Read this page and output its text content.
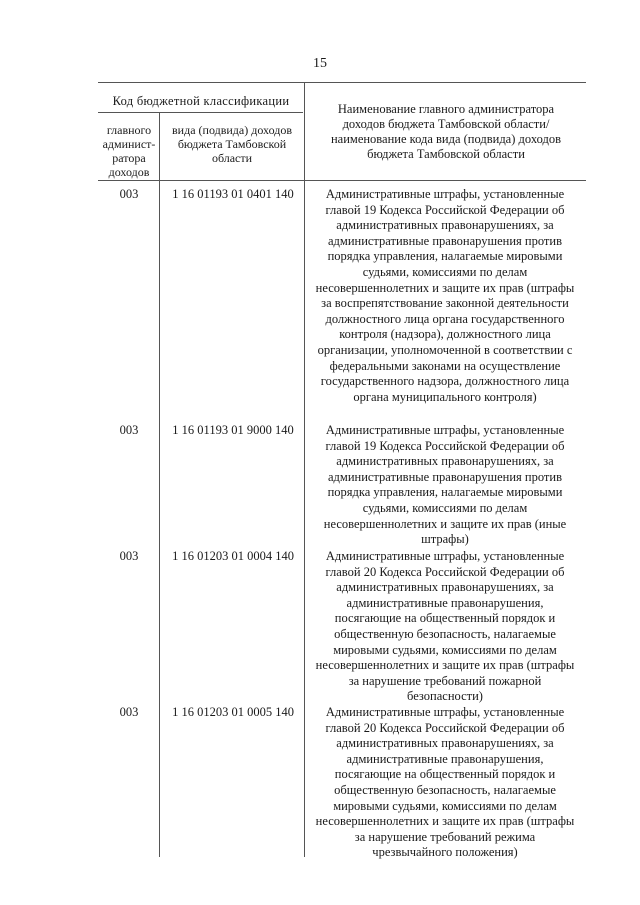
15
Код бюджетной классификации
главного админист-ратора доходов
вида (подвида) доходов бюджета Тамбовской области
Наименование главного администратора доходов бюджета Тамбовской области/наименование кода вида (подвида) доходов бюджета Тамбовской области
003	1 16 01193 01 0401 140	Административные штрафы, установленные главой 19 Кодекса Российской Федерации об административных правонарушениях, за административные правонарушения против порядка управления, налагаемые мировыми судьями, комиссиями по делам несовершеннолетних и защите их прав (штрафы за воспрепятствование законной деятельности должностного лица органа государственного контроля (надзора), должностного лица организации, уполномоченной в соответствии с федеральными законами на осуществление государственного надзора, должностного лица органа муниципального контроля)
003	1 16 01193 01 9000 140	Административные штрафы, установленные главой 19 Кодекса Российской Федерации об административных правонарушениях, за административные правонарушения против порядка управления, налагаемые мировыми судьями, комиссиями по делам несовершеннолетних и защите их прав (иные штрафы)
003	1 16 01203 01 0004 140	Административные штрафы, установленные главой 20 Кодекса Российской Федерации об административных правонарушениях, за административные правонарушения, посягающие на общественный порядок и общественную безопасность, налагаемые мировыми судьями, комиссиями по делам несовершеннолетних и защите их прав (штрафы за нарушение требований пожарной безопасности)
003	1 16 01203 01 0005 140	Административные штрафы, установленные главой 20 Кодекса Российской Федерации об административных правонарушениях, за административные правонарушения, посягающие на общественный порядок и общественную безопасность, налагаемые мировыми судьями, комиссиями по делам несовершеннолетних и защите их прав (штрафы за нарушение требований режима чрезвычайного положения)
